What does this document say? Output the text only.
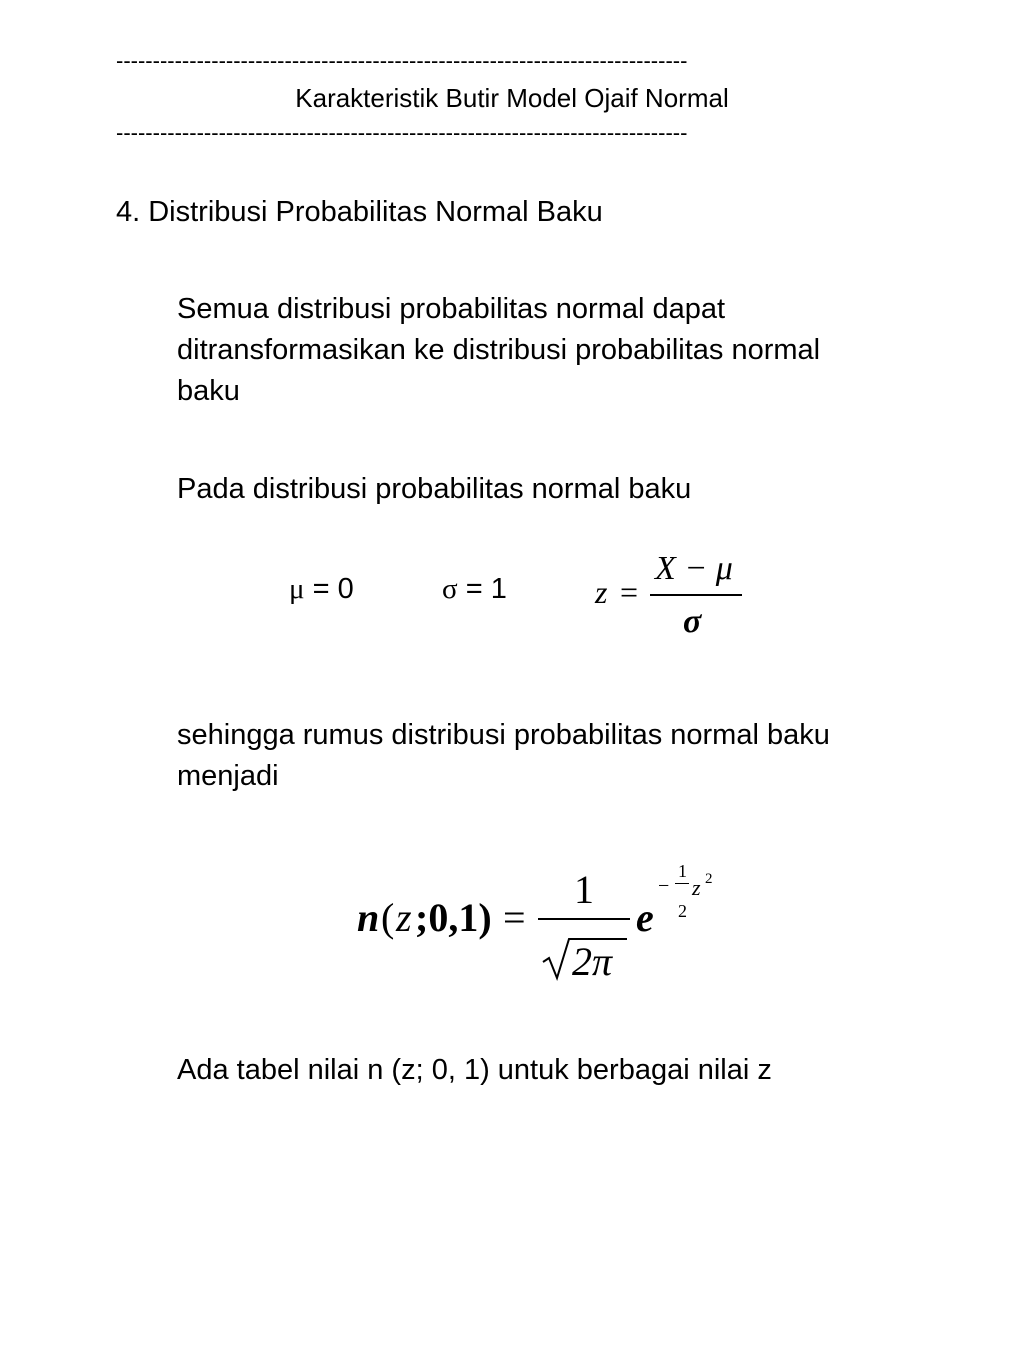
------------------------------------------------------------------------------
Karakteristik Butir Model Ojaif Normal
------------------------------------------------------------------------------
4. Distribusi Probabilitas Normal Baku
Semua distribusi probabilitas normal dapat
ditransformasikan ke distribusi probabilitas normal
baku
Pada distribusi probabilitas normal baku
μ = 0	σ = 1	z =
X − μ
σ
sehingga rumus distribusi probabilitas normal baku
menjadi
n ( z ;0,1) =
1
2π
e
−
1
2
z 2
Ada tabel nilai n (z; 0, 1) untuk berbagai nilai z
